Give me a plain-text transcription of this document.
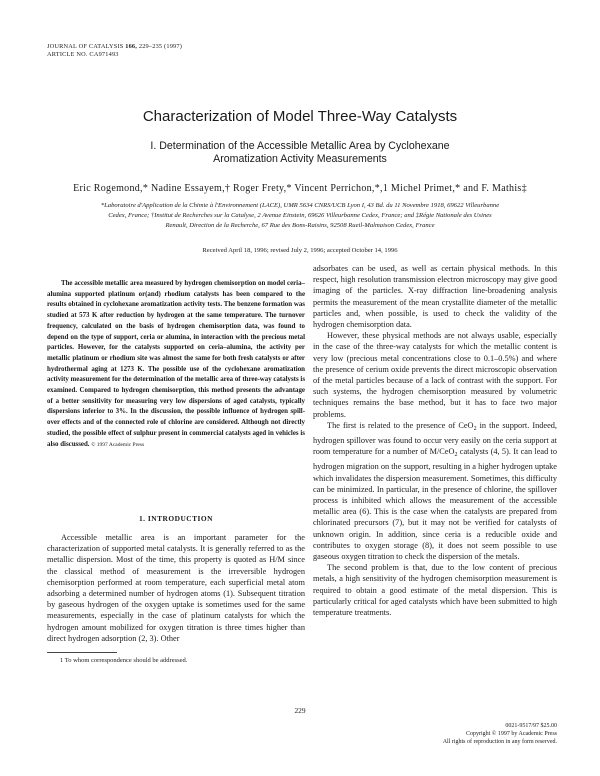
JOURNAL OF CATALYSIS 166, 229–235 (1997)
ARTICLE NO. CA971493
Characterization of Model Three-Way Catalysts
I. Determination of the Accessible Metallic Area by Cyclohexane
Aromatization Activity Measurements
Eric Rogemond,* Nadine Essayem,† Roger Frety,* Vincent Perrichon,*,1 Michel Primet,* and F. Mathis‡
*Laboratoire d'Application de la Chimie à l'Environnement (LACE), UMR 5634 CNRS/UCB Lyon I, 43 Bd. du 11 Novembre 1918, 69622 Villeurbanne
Cedex, France; †Institut de Recherches sur la Catalyse, 2 Avenue Einstein, 69626 Villeurbanne Cedex, France; and ‡Régie Nationale des Usines
Renault, Direction de la Recherche, 67 Rue des Bons-Raisins, 92508 Rueil-Malmaison Cedex, France
Received April 18, 1996; revised July 2, 1996; accepted October 14, 1996
The accessible metallic area measured by hydrogen chemisorption on model ceria–alumina supported platinum or(and) rhodium catalysts has been compared to the results obtained in cyclohexane aromatization activity tests. The benzene formation was studied at 573 K after reduction by hydrogen at the same temperature. The turnover frequency, calculated on the basis of hydrogen chemisorption data, was found to depend on the type of support, ceria or alumina, in interaction with the precious metal particles. However, for the catalysts supported on ceria–alumina, the activity per metallic platinum or rhodium site was almost the same for both fresh catalysts or after hydrothermal aging at 1273 K. The possible use of the cyclohexane aromatization activity measurement for the determination of the metallic area of three-way catalysts is examined. Compared to hydrogen chemisorption, this method presents the advantage of a better sensitivity for measuring very low dispersions of aged catalysts, typically dispersions inferior to 3%. In the discussion, the possible influence of hydrogen spill-over effects and of the connected role of chlorine are considered. Although not directly studied, the possible effect of sulphur present in commercial catalysts aged in vehicles is also discussed. © 1997 Academic Press
1. INTRODUCTION

Accessible metallic area is an important parameter for the characterization of supported metal catalysts. It is generally referred to as the metallic dispersion. Most of the time, this property is quoted as H/M since the classical method of measurement is the irreversible hydrogen chemisorption performed at room temperature, each superficial metal atom adsorbing a determined number of hydrogen atoms (1). Subsequent titration by gaseous hydrogen of the oxygen uptake is sometimes used for the same measurements, especially in the case of platinum catalysts for which the hydrogen amount mobilized for oxygen titration is three times higher than direct hydrogen adsorption (2, 3). Other

adsorbates can be used, as well as certain physical methods. In this respect, high resolution transmission electron microscopy may give good imaging of the particles. X-ray diffraction line-broadening analysis permits the measurement of the mean crystallite diameter of the metallic particles and, when possible, is used to check the validity of the hydrogen chemisorption data.

However, these physical methods are not always usable, especially in the case of the three-way catalysts for which the metallic content is very low (precious metal concentrations close to 0.1–0.5%) and where the presence of cerium oxide prevents the direct microscopic observation of the metal particles because of a lack of contrast with the support. For such systems, the hydrogen chemisorption measured by volumetric techniques remains the base method, but it has to face two major problems.

The first is related to the presence of CeO$_2$ in the support. Indeed, hydrogen spillover was found to occur very easily on the ceria support at room temperature for a number of M/CeO$_2$ catalysts (4, 5). It can lead to hydrogen migration on the support, resulting in a higher hydrogen uptake which invalidates the dispersion measurement. Sometimes, this difficulty can be minimized. In particular, in the presence of chlorine, the spillover process is inhibited which allows the measurement of the accessible metallic area (6). This is the case when the catalysts are prepared from chlorinated precursors (7), but it may not be verified for catalysts of unknown origin. In addition, since ceria is a reducible oxide and contributes to oxygen storage (8), it does not seem possible to use gaseous oxygen titration to check the dispersion of the metals.

The second problem is that, due to the low content of precious metals, a high sensitivity of the hydrogen chemisorption measurement is required to obtain a good estimate of the metal dispersion. This is particularly critical for aged catalysts which have been submitted to high temperature treatments.

1 To whom correspondence should be addressed.
229
0021-9517/97 $25.00
Copyright © 1997 by Academic Press
All rights of reproduction in any form reserved.
